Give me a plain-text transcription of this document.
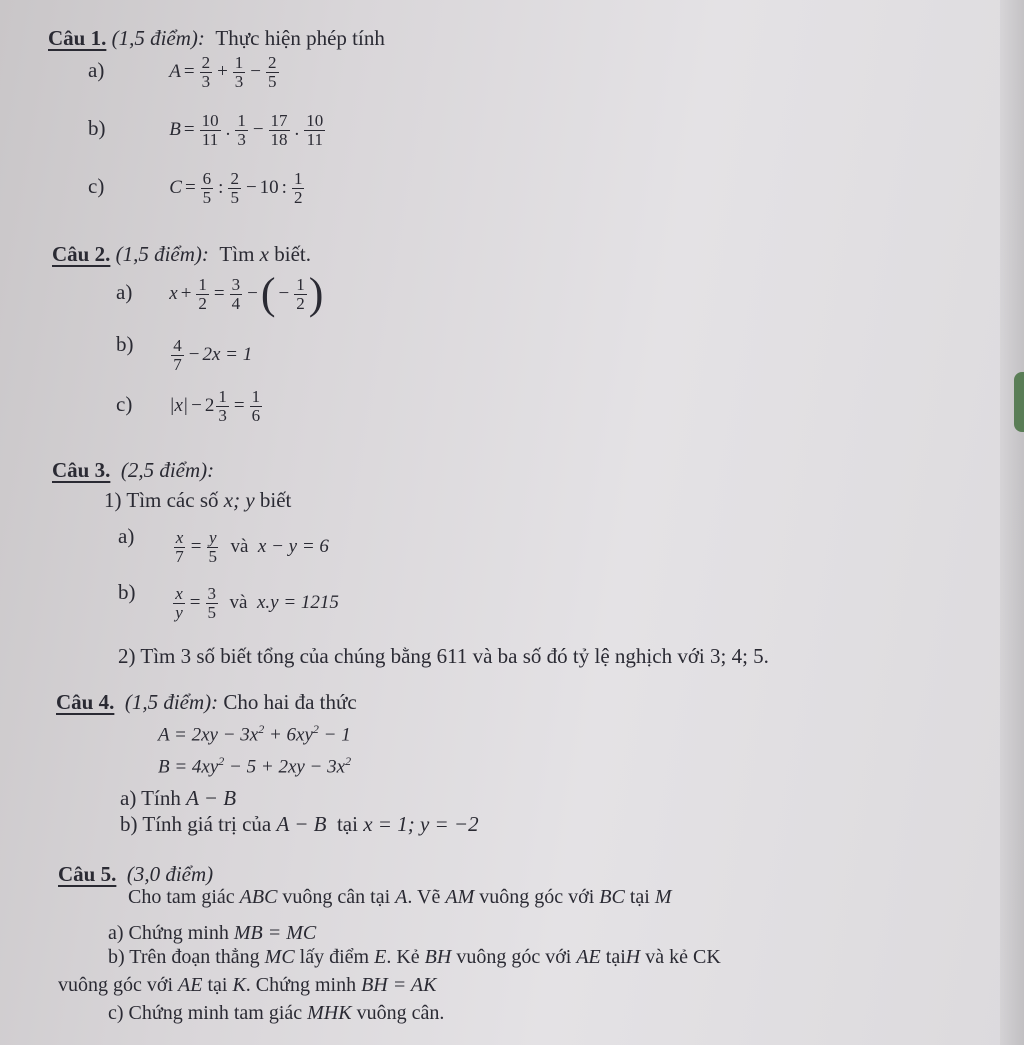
Câu 1. (1,5 điểm): Thực hiện phép tính
a)	$A = \frac{2}{3} + \frac{1}{3} - \frac{2}{5}$
b)	$B = \frac{10}{11}$ . $\frac{1}{3} - \frac{17}{18}$ . $\frac{10}{11}$
c)	$C = \frac{6}{5}$ : $\frac{2}{5} - 10$ : $\frac{1}{2}$
Câu 2. (1,5 điểm): Tìm x biết.
a) $x + \frac{1}{2} = \frac{3}{4}$ − ( − $\frac{1}{2}$ )
$b) \frac{4}{7} - 2x = 1$
c) $|x| - 2 \frac{1}{3} = \frac{1}{6}$
Câu 3. (2,5 điểm):
1) Tìm các số x; y biết
$a) \frac{x}{7} = \frac{y}{5}$
và
x − y = 6
$b) \frac{x}{y} = \frac{3}{5}$
và
x.y = 1215
2) Tìm 3 số biết tổng của chúng bằng 611 và ba số đó tỷ lệ nghịch với 3; 4; 5.
Câu 4. (1,5 điểm): Cho hai đa thức
$A = 2xy - 3x^2 + 6xy^2 - 1$
$B = 4xy^2 - 5 + 2xy - 3x^2$
a) Tính A − B
b) Tính giá trị của A − B tại x = 1; y = −2
Câu 5. (3,0 điểm)
Cho tam giác ABC vuông cân tại A. Vẽ AM vuông góc với BC tại M
a) Chứng minh MB = MC
b) Trên đoạn thẳng MC lấy điểm E. Kẻ BH vuông góc với AE tạiH và kẻ CK
vuông góc với AE tại K. Chứng minh BH = AK
c) Chứng minh tam giác MHK vuông cân.
